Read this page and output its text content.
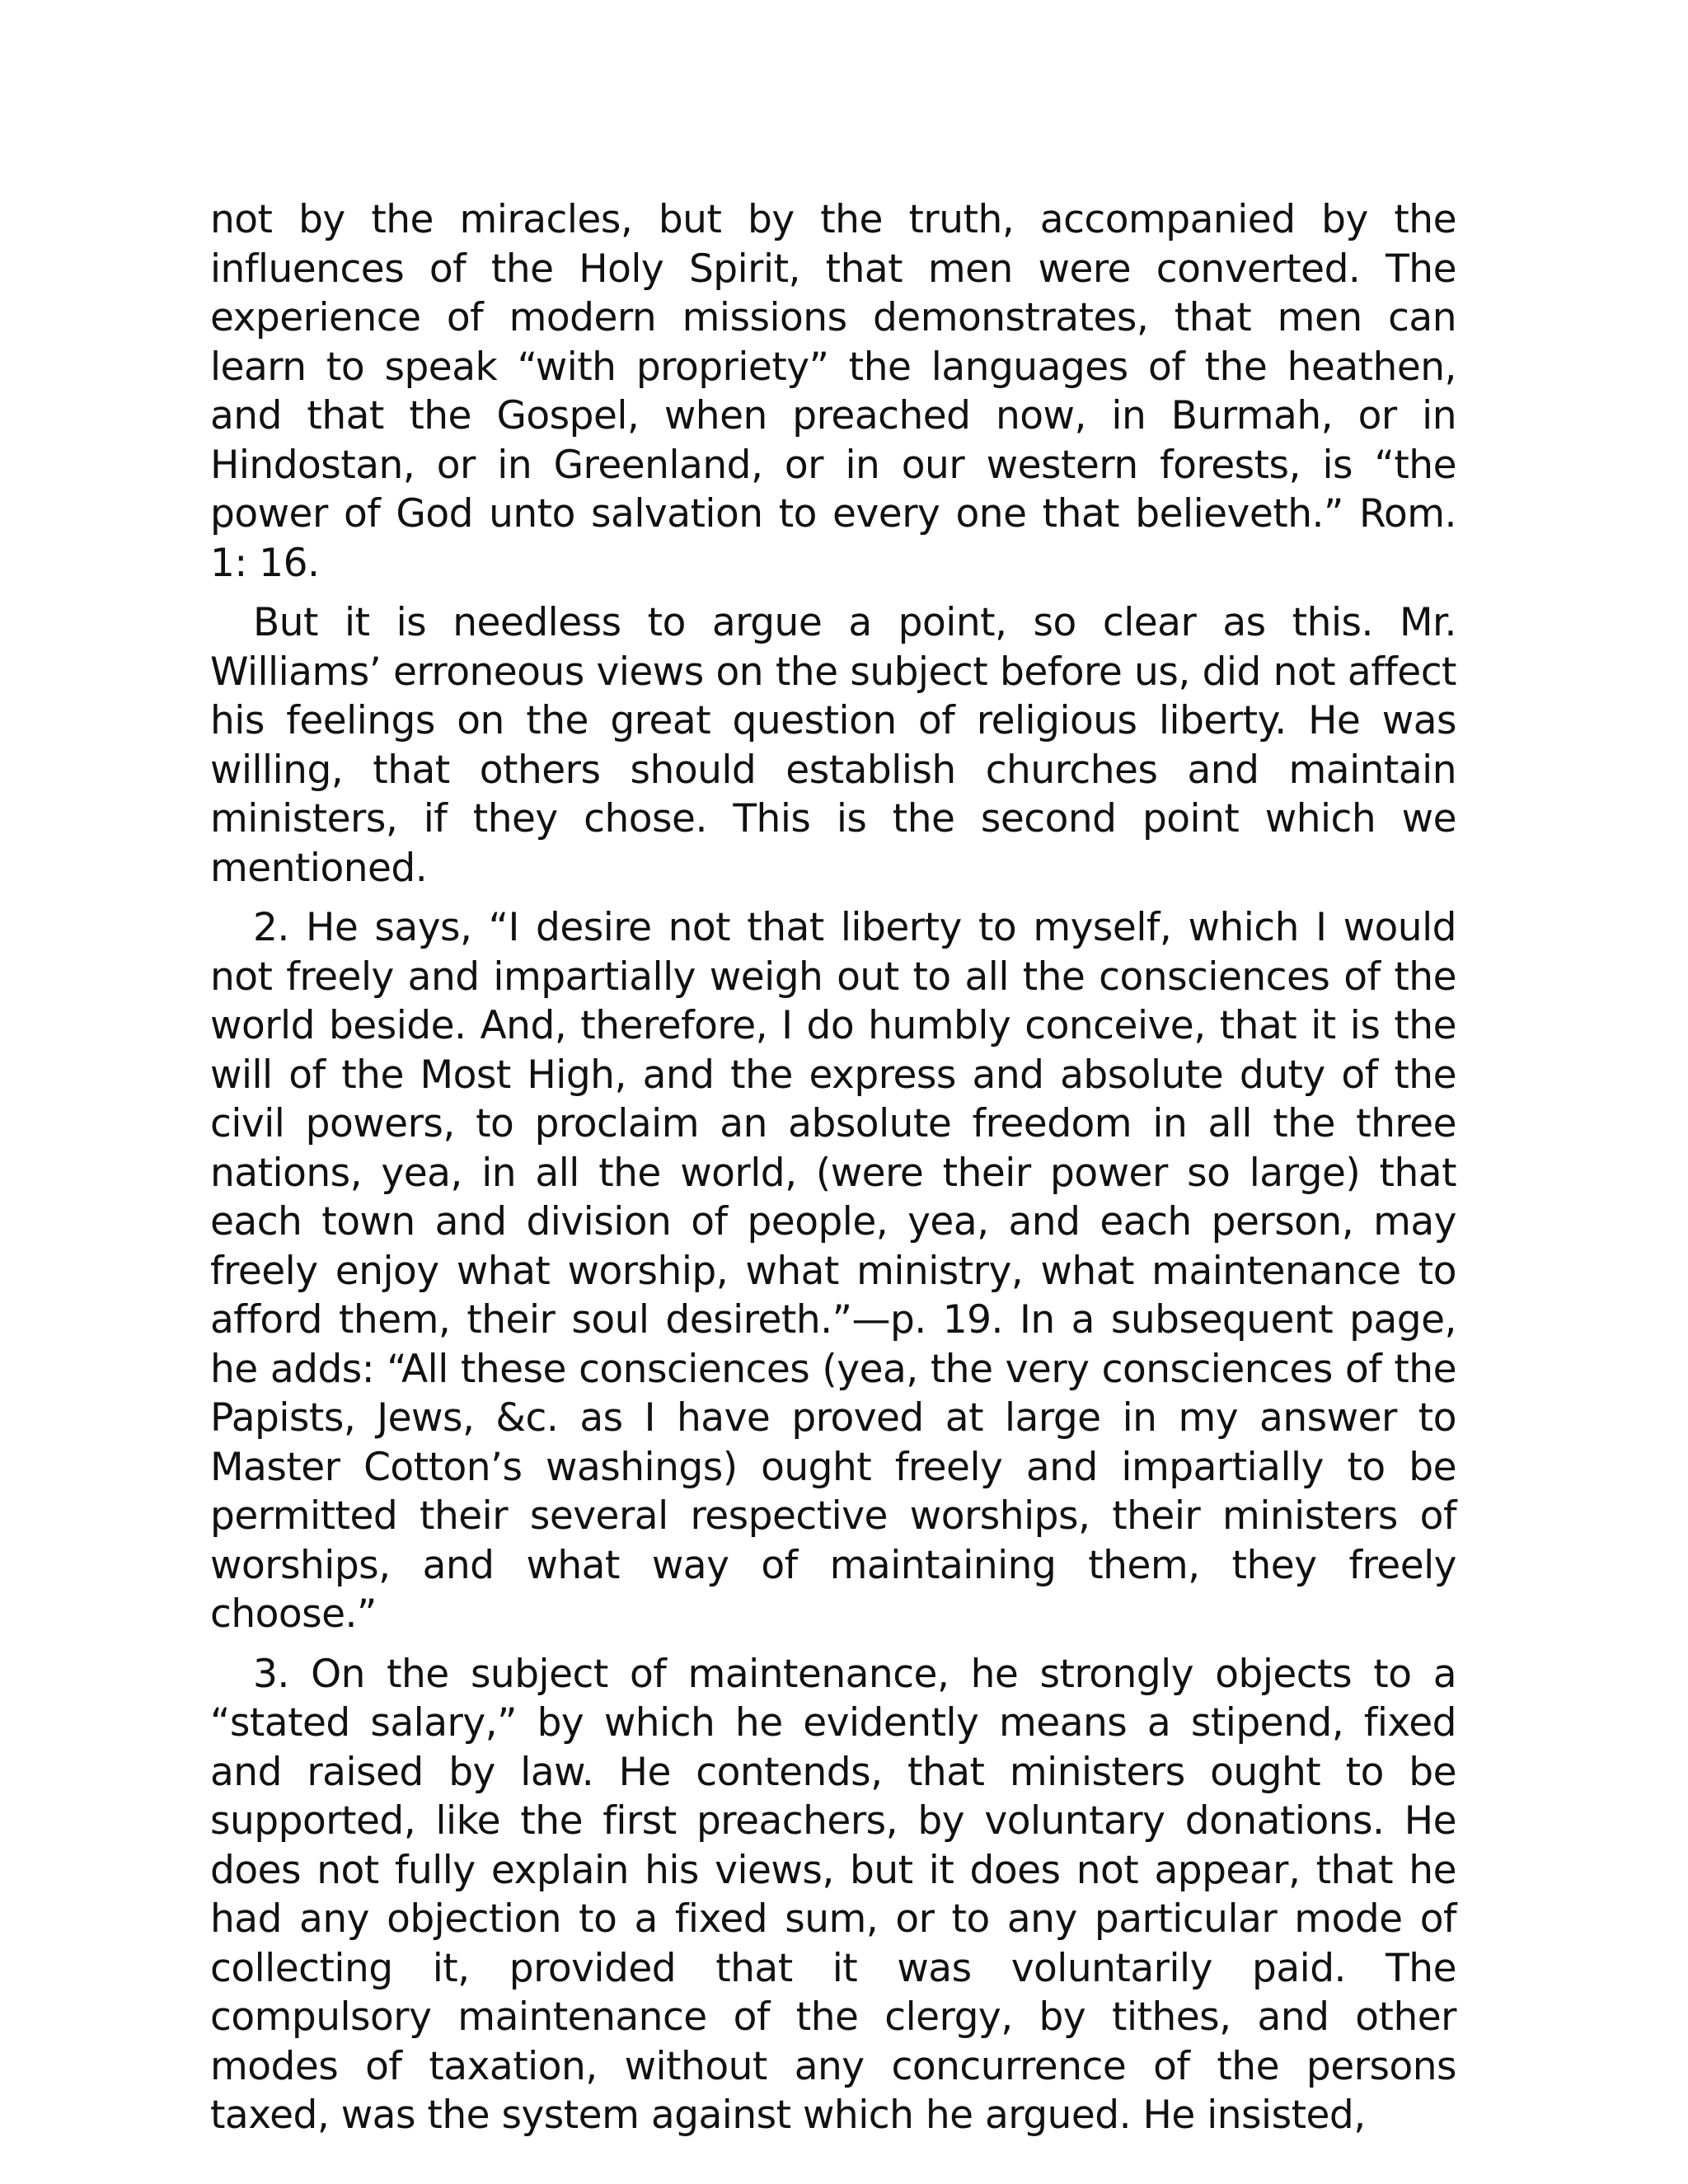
not by the miracles, but by the truth, accompanied by the influences of the Holy Spirit, that men were converted. The experience of modern missions demonstrates, that men can learn to speak “with propriety” the languages of the heathen, and that the Gospel, when preached now, in Burmah, or in Hindostan, or in Greenland, or in our western forests, is “the power of God unto salvation to every one that believeth.” Rom. 1: 16.

But it is needless to argue a point, so clear as this. Mr. Williams’ erroneous views on the subject before us, did not affect his feelings on the great question of religious liberty. He was willing, that others should establish churches and maintain ministers, if they chose. This is the second point which we mentioned.

2. He says, “I desire not that liberty to myself, which I would not freely and impartially weigh out to all the consciences of the world beside. And, therefore, I do humbly conceive, that it is the will of the Most High, and the express and absolute duty of the civil powers, to proclaim an absolute freedom in all the three nations, yea, in all the world, (were their power so large) that each town and division of people, yea, and each person, may freely enjoy what worship, what ministry, what maintenance to afford them, their soul desireth.”—p. 19. In a subsequent page, he adds: “All these consciences (yea, the very consciences of the Papists, Jews, &c. as I have proved at large in my answer to Master Cotton’s washings) ought freely and impartially to be permitted their several respective worships, their ministers of worships, and what way of maintaining them, they freely choose.”

3. On the subject of maintenance, he strongly objects to a “stated salary,” by which he evidently means a stipend, fixed and raised by law. He contends, that ministers ought to be supported, like the first preachers, by voluntary donations. He does not fully explain his views, but it does not appear, that he had any objection to a fixed sum, or to any particular mode of collecting it, provided that it was voluntarily paid. The compulsory maintenance of the clergy, by tithes, and other modes of taxation, without any concurrence of the persons taxed, was the system against which he argued. He insisted,
